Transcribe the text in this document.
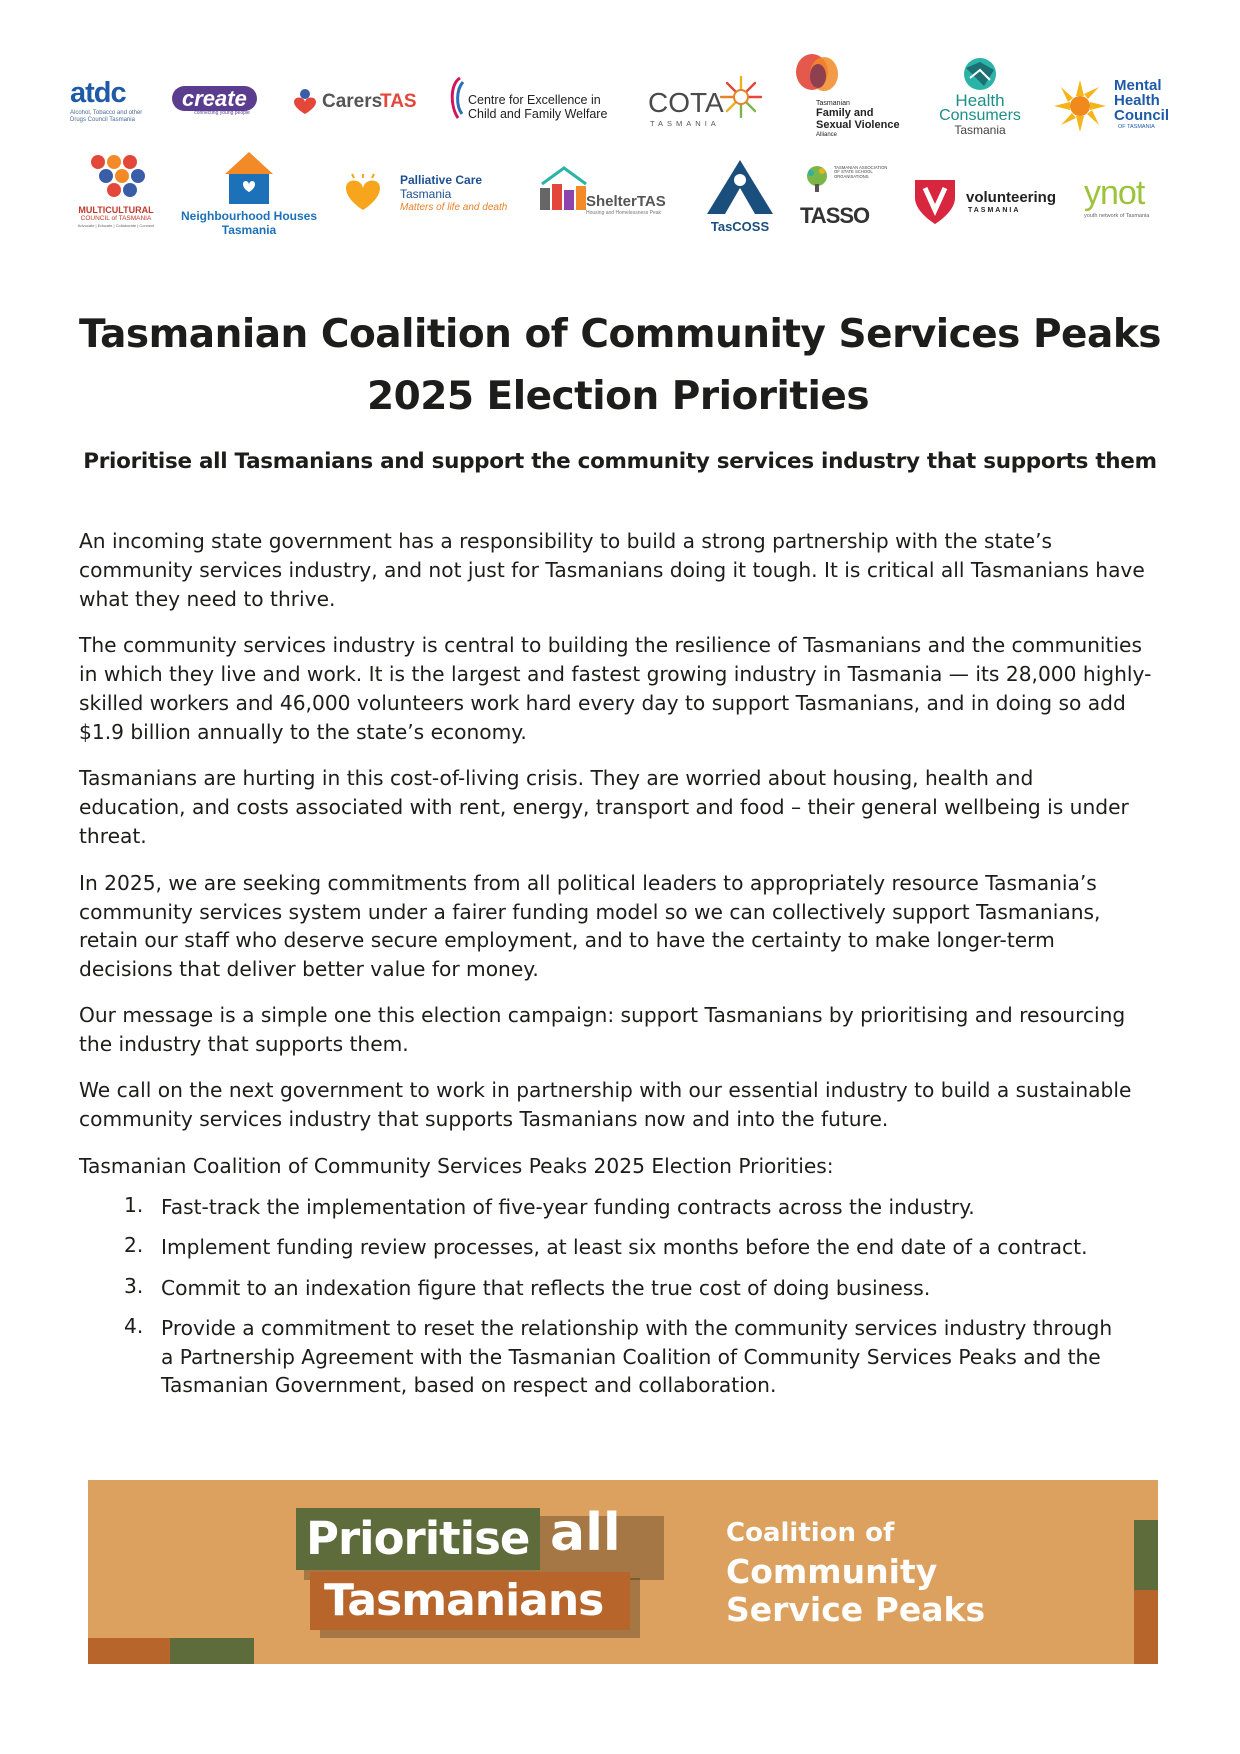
atdc
Alcohol, Tobacco and other Drugs Council Tasmania
create
connecting young people
Carers
TAS	Centre for Excellence in
Child and Family Welfare COTA
TASMANIA
Tasmanian
Family and
Sexual Violence
Alliance
Health
Consumers
Tasmania
Mental
Health
Council
OF TASMANIA
MULTICULTURAL
COUNCIL of TASMANIA
Advocate | Educate | Collaborate | Connect
Neighbourhood Houses
Tasmania
Palliative Care
Tasmania
Matters of life and death	ShelterTAS
Housing and Homelessness Peak
TasCOSS
TASMANIAN ASSOCIATION OF STATE SCHOOL ORGANISATIONS
TASSO
volunteering
TASMANIA ynot
youth network of Tasmania
Tasmanian Coalition of Community Services Peaks
2025 Election Priorities
Prioritise all Tasmanians and support the community services industry that supports them
An incoming state government has a responsibility to build a strong partnership with the state’s
community services industry, and not just for Tasmanians doing it tough. It is critical all Tasmanians have
what they need to thrive.
The community services industry is central to building the resilience of Tasmanians and the communities
in which they live and work. It is the largest and fastest growing industry in Tasmania — its 28,000 highly-
skilled workers and 46,000 volunteers work hard every day to support Tasmanians, and in doing so add
$1.9 billion annually to the state’s economy.
Tasmanians are hurting in this cost-of-living crisis. They are worried about housing, health and
education, and costs associated with rent, energy, transport and food – their general wellbeing is under
threat.
In 2025, we are seeking commitments from all political leaders to appropriately resource Tasmania’s
community services system under a fairer funding model so we can collectively support Tasmanians,
retain our staff who deserve secure employment, and to have the certainty to make longer-term
decisions that deliver better value for money.
Our message is a simple one this election campaign: support Tasmanians by prioritising and resourcing
the industry that supports them.
We call on the next government to work in partnership with our essential industry to build a sustainable
community services industry that supports Tasmanians now and into the future.
Tasmanian Coalition of Community Services Peaks 2025 Election Priorities:
1. Fast-track the implementation of five-year funding contracts across the industry.
2. Implement funding review processes, at least six months before the end date of a contract.
3. Commit to an indexation figure that reflects the true cost of doing business.
4. Provide a commitment to reset the relationship with the community services industry through
a Partnership Agreement with the Tasmanian Coalition of Community Services Peaks and the
Tasmanian Government, based on respect and collaboration.
Prioritise all
Tasmanians
Coalition of
Community
Service Peaks
